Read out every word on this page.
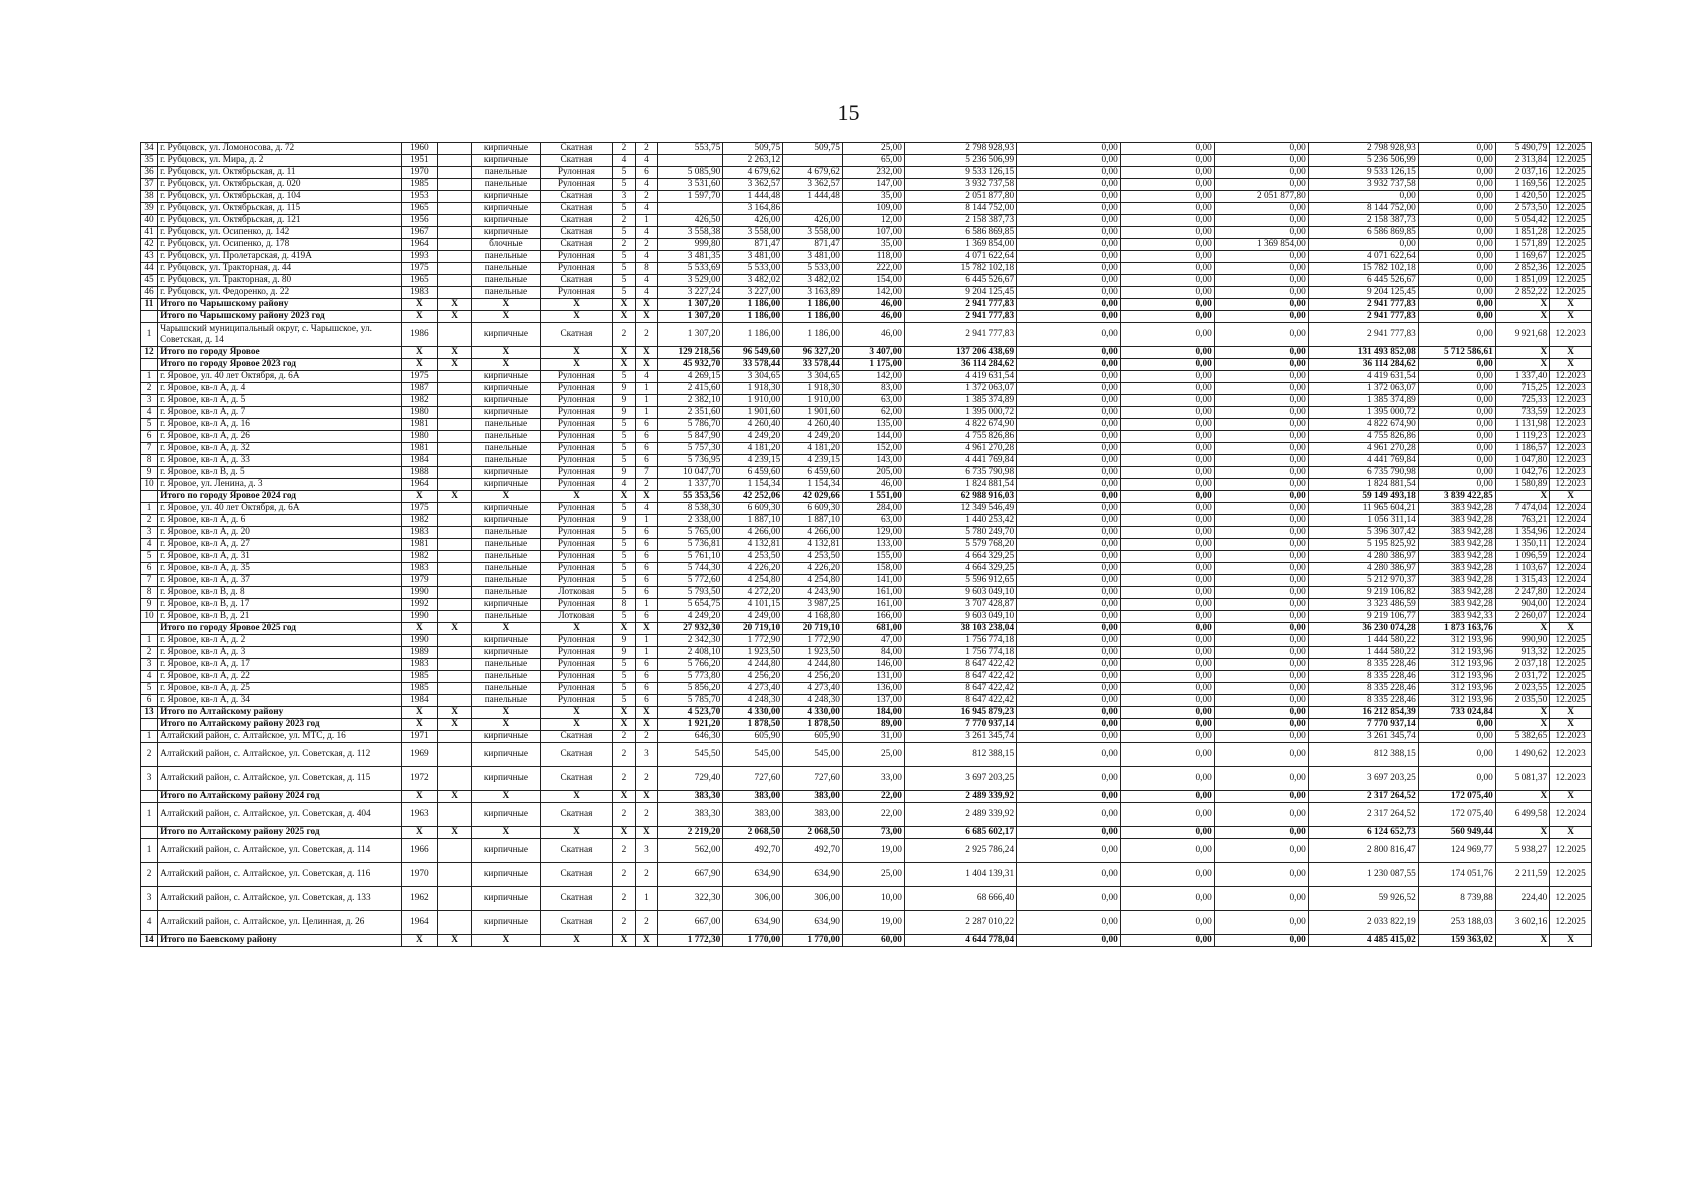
15
34	г. Рубцовск, ул. Ломоносова, д. 72	1960		кирпичные	Скатная	2	2	553,75	509,75	509,75	25,00	2 798 928,93	0,00	0,00	0,00	2 798 928,93	0,00	5 490,79	12.2025
35	г. Рубцовск, ул. Мира, д. 2	1951		кирпичные	Скатная	4	4		2 263,12		65,00	5 236 506,99	0,00	0,00	0,00	5 236 506,99	0,00	2 313,84	12.2025
36	г. Рубцовск, ул. Октябрьская, д. 11	1970		панельные	Рулонная	5	6	5 085,90	4 679,62	4 679,62	232,00	9 533 126,15	0,00	0,00	0,00	9 533 126,15	0,00	2 037,16	12.2025
37	г. Рубцовск, ул. Октябрьская, д. 020	1985		панельные	Рулонная	5	4	3 531,60	3 362,57	3 362,57	147,00	3 932 737,58	0,00	0,00	0,00	3 932 737,58	0,00	1 169,56	12.2025
38	г. Рубцовск, ул. Октябрьская, д. 104	1953		кирпичные	Скатная	3	2	1 597,70	1 444,48	1 444,48	35,00	2 051 877,80	0,00	0,00	2 051 877,80	0,00	0,00	1 420,50	12.2025
39	г. Рубцовск, ул. Октябрьская, д. 115	1965		кирпичные	Скатная	5	4		3 164,86		109,00	8 144 752,00	0,00	0,00	0,00	8 144 752,00	0,00	2 573,50	12.2025
40	г. Рубцовск, ул. Октябрьская, д. 121	1956		кирпичные	Скатная	2	1	426,50	426,00	426,00	12,00	2 158 387,73	0,00	0,00	0,00	2 158 387,73	0,00	5 054,42	12.2025
41	г. Рубцовск, ул. Осипенко, д. 142	1967		кирпичные	Скатная	5	4	3 558,38	3 558,00	3 558,00	107,00	6 586 869,85	0,00	0,00	0,00	6 586 869,85	0,00	1 851,28	12.2025
42	г. Рубцовск, ул. Осипенко, д. 178	1964		блочные	Скатная	2	2	999,80	871,47	871,47	35,00	1 369 854,00	0,00	0,00	1 369 854,00	0,00	0,00	1 571,89	12.2025
43	г. Рубцовск, ул. Пролетарская, д. 419А	1993		панельные	Рулонная	5	4	3 481,35	3 481,00	3 481,00	118,00	4 071 622,64	0,00	0,00	0,00	4 071 622,64	0,00	1 169,67	12.2025
44	г. Рубцовск, ул. Тракторная, д. 44	1975		панельные	Рулонная	5	8	5 533,69	5 533,00	5 533,00	222,00	15 782 102,18	0,00	0,00	0,00	15 782 102,18	0,00	2 852,36	12.2025
45	г. Рубцовск, ул. Тракторная, д. 80	1965		панельные	Скатная	5	4	3 529,00	3 482,02	3 482,02	154,00	6 445 526,67	0,00	0,00	0,00	6 445 526,67	0,00	1 851,09	12.2025
46	г. Рубцовск, ул. Федоренко, д. 22	1983		панельные	Рулонная	5	4	3 227,24	3 227,00	3 163,89	142,00	9 204 125,45	0,00	0,00	0,00	9 204 125,45	0,00	2 852,22	12.2025
11	Итого по Чарышскому району	X	X	X	X	X	X	1 307,20	1 186,00	1 186,00	46,00	2 941 777,83	0,00	0,00	0,00	2 941 777,83	0,00	X	X
	Итого по Чарышскому району 2023 год	X	X	X	X	X	X	1 307,20	1 186,00	1 186,00	46,00	2 941 777,83	0,00	0,00	0,00	2 941 777,83	0,00	X	X
1	Чарышский муниципальный округ, с. Чарышское, ул. Советская, д. 14	1986		кирпичные	Скатная	2	2	1 307,20	1 186,00	1 186,00	46,00	2 941 777,83	0,00	0,00	0,00	2 941 777,83	0,00	9 921,68	12.2023
12	Итого по городу Яровое	X	X	X	X	X	X	129 218,56	96 549,60	96 327,20	3 407,00	137 206 438,69	0,00	0,00	0,00	131 493 852,08	5 712 586,61	X	X
	Итого по городу Яровое 2023 год	X	X	X	X	X	X	45 932,70	33 578,44	33 578,44	1 175,00	36 114 284,62	0,00	0,00	0,00	36 114 284,62	0,00	X	X
1	г. Яровое, ул. 40 лет Октября, д. 6А	1975		кирпичные	Рулонная	5	4	4 269,15	3 304,65	3 304,65	142,00	4 419 631,54	0,00	0,00	0,00	4 419 631,54	0,00	1 337,40	12.2023
2	г. Яровое, кв-л А, д. 4	1987		кирпичные	Рулонная	9	1	2 415,60	1 918,30	1 918,30	83,00	1 372 063,07	0,00	0,00	0,00	1 372 063,07	0,00	715,25	12.2023
3	г. Яровое, кв-л А, д. 5	1982		кирпичные	Рулонная	9	1	2 382,10	1 910,00	1 910,00	63,00	1 385 374,89	0,00	0,00	0,00	1 385 374,89	0,00	725,33	12.2023
4	г. Яровое, кв-л А, д. 7	1980		кирпичные	Рулонная	9	1	2 351,60	1 901,60	1 901,60	62,00	1 395 000,72	0,00	0,00	0,00	1 395 000,72	0,00	733,59	12.2023
5	г. Яровое, кв-л А, д. 16	1981		панельные	Рулонная	5	6	5 786,70	4 260,40	4 260,40	135,00	4 822 674,90	0,00	0,00	0,00	4 822 674,90	0,00	1 131,98	12.2023
6	г. Яровое, кв-л А, д. 26	1980		панельные	Рулонная	5	6	5 847,90	4 249,20	4 249,20	144,00	4 755 826,86	0,00	0,00	0,00	4 755 826,86	0,00	1 119,23	12.2023
7	г. Яровое, кв-л А, д. 32	1981		панельные	Рулонная	5	6	5 757,30	4 181,20	4 181,20	152,00	4 961 270,28	0,00	0,00	0,00	4 961 270,28	0,00	1 186,57	12.2023
8	г. Яровое, кв-л А, д. 33	1984		панельные	Рулонная	5	6	5 736,95	4 239,15	4 239,15	143,00	4 441 769,84	0,00	0,00	0,00	4 441 769,84	0,00	1 047,80	12.2023
9	г. Яровое, кв-л В, д. 5	1988		кирпичные	Рулонная	9	7	10 047,70	6 459,60	6 459,60	205,00	6 735 790,98	0,00	0,00	0,00	6 735 790,98	0,00	1 042,76	12.2023
10	г. Яровое, ул. Ленина, д. 3	1964		кирпичные	Рулонная	4	2	1 337,70	1 154,34	1 154,34	46,00	1 824 881,54	0,00	0,00	0,00	1 824 881,54	0,00	1 580,89	12.2023
	Итого по городу Яровое 2024 год	X	X	X	X	X	X	55 353,56	42 252,06	42 029,66	1 551,00	62 988 916,03	0,00	0,00	0,00	59 149 493,18	3 839 422,85	X	X
1	г. Яровое, ул. 40 лет Октября, д. 6А	1975		кирпичные	Рулонная	5	4	8 538,30	6 609,30	6 609,30	284,00	12 349 546,49	0,00	0,00	0,00	11 965 604,21	383 942,28	7 474,04	12.2024
2	г. Яровое, кв-л А, д. 6	1982		кирпичные	Рулонная	9	1	2 338,00	1 887,10	1 887,10	63,00	1 440 253,42	0,00	0,00	0,00	1 056 311,14	383 942,28	763,21	12.2024
3	г. Яровое, кв-л А, д. 20	1983		панельные	Рулонная	5	6	5 765,00	4 266,00	4 266,00	129,00	5 780 249,70	0,00	0,00	0,00	5 396 307,42	383 942,28	1 354,96	12.2024
4	г. Яровое, кв-л А, д. 27	1981		панельные	Рулонная	5	6	5 736,81	4 132,81	4 132,81	133,00	5 579 768,20	0,00	0,00	0,00	5 195 825,92	383 942,28	1 350,11	12.2024
5	г. Яровое, кв-л А, д. 31	1982		панельные	Рулонная	5	6	5 761,10	4 253,50	4 253,50	155,00	4 664 329,25	0,00	0,00	0,00	4 280 386,97	383 942,28	1 096,59	12.2024
6	г. Яровое, кв-л А, д. 35	1983		панельные	Рулонная	5	6	5 744,30	4 226,20	4 226,20	158,00	4 664 329,25	0,00	0,00	0,00	4 280 386,97	383 942,28	1 103,67	12.2024
7	г. Яровое, кв-л А, д. 37	1979		панельные	Рулонная	5	6	5 772,60	4 254,80	4 254,80	141,00	5 596 912,65	0,00	0,00	0,00	5 212 970,37	383 942,28	1 315,43	12.2024
8	г. Яровое, кв-л В, д. 8	1990		панельные	Лотковая	5	6	5 793,50	4 272,20	4 243,90	161,00	9 603 049,10	0,00	0,00	0,00	9 219 106,82	383 942,28	2 247,80	12.2024
9	г. Яровое, кв-л В, д. 17	1992		кирпичные	Рулонная	8	1	5 654,75	4 101,15	3 987,25	161,00	3 707 428,87	0,00	0,00	0,00	3 323 486,59	383 942,28	904,00	12.2024
10	г. Яровое, кв-л В, д. 21	1990		панельные	Лотковая	5	6	4 249,20	4 249,00	4 168,80	166,00	9 603 049,10	0,00	0,00	0,00	9 219 106,77	383 942,33	2 260,07	12.2024
	Итого по городу Яровое 2025 год	X	X	X	X	X	X	27 932,30	20 719,10	20 719,10	681,00	38 103 238,04	0,00	0,00	0,00	36 230 074,28	1 873 163,76	X	X
1	г. Яровое, кв-л А, д. 2	1990		кирпичные	Рулонная	9	1	2 342,30	1 772,90	1 772,90	47,00	1 756 774,18	0,00	0,00	0,00	1 444 580,22	312 193,96	990,90	12.2025
2	г. Яровое, кв-л А, д. 3	1989		кирпичные	Рулонная	9	1	2 408,10	1 923,50	1 923,50	84,00	1 756 774,18	0,00	0,00	0,00	1 444 580,22	312 193,96	913,32	12.2025
3	г. Яровое, кв-л А, д. 17	1983		панельные	Рулонная	5	6	5 766,20	4 244,80	4 244,80	146,00	8 647 422,42	0,00	0,00	0,00	8 335 228,46	312 193,96	2 037,18	12.2025
4	г. Яровое, кв-л А, д. 22	1985		панельные	Рулонная	5	6	5 773,80	4 256,20	4 256,20	131,00	8 647 422,42	0,00	0,00	0,00	8 335 228,46	312 193,96	2 031,72	12.2025
5	г. Яровое, кв-л А, д. 25	1985		панельные	Рулонная	5	6	5 856,20	4 273,40	4 273,40	136,00	8 647 422,42	0,00	0,00	0,00	8 335 228,46	312 193,96	2 023,55	12.2025
6	г. Яровое, кв-л А, д. 34	1984		панельные	Рулонная	5	6	5 785,70	4 248,30	4 248,30	137,00	8 647 422,42	0,00	0,00	0,00	8 335 228,46	312 193,96	2 035,50	12.2025
13	Итого по Алтайскому району	X	X	X	X	X	X	4 523,70	4 330,00	4 330,00	184,00	16 945 879,23	0,00	0,00	0,00	16 212 854,39	733 024,84	X	X
	Итого по Алтайскому району 2023 год	X	X	X	X	X	X	1 921,20	1 878,50	1 878,50	89,00	7 770 937,14	0,00	0,00	0,00	7 770 937,14	0,00	X	X
1	Алтайский район, с. Алтайское, ул. МТС, д. 16	1971		кирпичные	Скатная	2	2	646,30	605,90	605,90	31,00	3 261 345,74	0,00	0,00	0,00	3 261 345,74	0,00	5 382,65	12.2023
2	Алтайский район, с. Алтайское, ул. Советская, д. 112	1969		кирпичные	Скатная	2	3	545,50	545,00	545,00	25,00	812 388,15	0,00	0,00	0,00	812 388,15	0,00	1 490,62	12.2023
3	Алтайский район, с. Алтайское, ул. Советская, д. 115	1972		кирпичные	Скатная	2	2	729,40	727,60	727,60	33,00	3 697 203,25	0,00	0,00	0,00	3 697 203,25	0,00	5 081,37	12.2023
	Итого по Алтайскому району 2024 год	X	X	X	X	X	X	383,30	383,00	383,00	22,00	2 489 339,92	0,00	0,00	0,00	2 317 264,52	172 075,40	X	X
1	Алтайский район, с. Алтайское, ул. Советская, д. 404	1963		кирпичные	Скатная	2	2	383,30	383,00	383,00	22,00	2 489 339,92	0,00	0,00	0,00	2 317 264,52	172 075,40	6 499,58	12.2024
	Итого по Алтайскому району 2025 год	X	X	X	X	X	X	2 219,20	2 068,50	2 068,50	73,00	6 685 602,17	0,00	0,00	0,00	6 124 652,73	560 949,44	X	X
1	Алтайский район, с. Алтайское, ул. Советская, д. 114	1966		кирпичные	Скатная	2	3	562,00	492,70	492,70	19,00	2 925 786,24	0,00	0,00	0,00	2 800 816,47	124 969,77	5 938,27	12.2025
2	Алтайский район, с. Алтайское, ул. Советская, д. 116	1970		кирпичные	Скатная	2	2	667,90	634,90	634,90	25,00	1 404 139,31	0,00	0,00	0,00	1 230 087,55	174 051,76	2 211,59	12.2025
3	Алтайский район, с. Алтайское, ул. Советская, д. 133	1962		кирпичные	Скатная	2	1	322,30	306,00	306,00	10,00	68 666,40	0,00	0,00	0,00	59 926,52	8 739,88	224,40	12.2025
4	Алтайский район, с. Алтайское, ул. Целинная, д. 26	1964		кирпичные	Скатная	2	2	667,00	634,90	634,90	19,00	2 287 010,22	0,00	0,00	0,00	2 033 822,19	253 188,03	3 602,16	12.2025
14	Итого по Баевскому району	X	X	X	X	X	X	1 772,30	1 770,00	1 770,00	60,00	4 644 778,04	0,00	0,00	0,00	4 485 415,02	159 363,02	X	X
